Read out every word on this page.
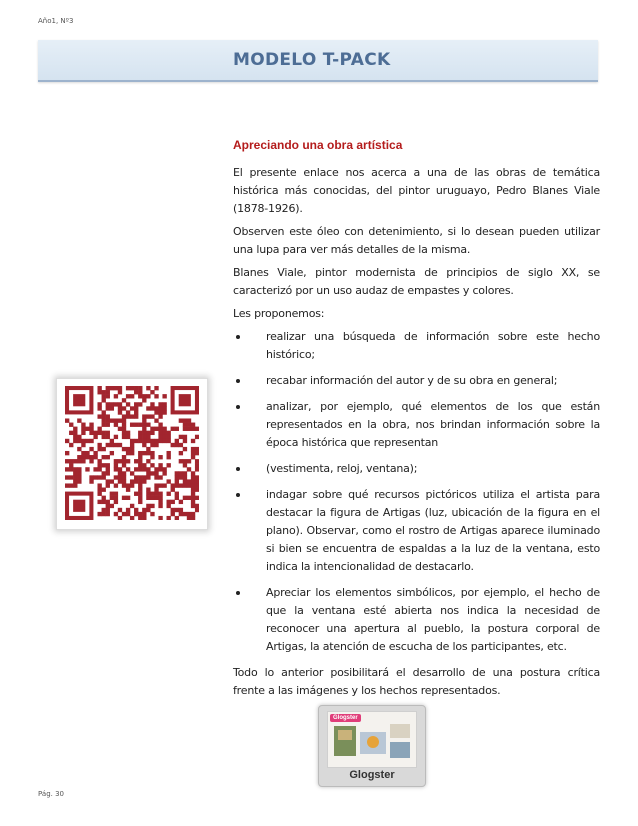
Año1, Nº3
MODELO T-PACK
Apreciando una obra artística

El presente enlace nos acerca a una de las obras de temática histórica más conocidas, del pintor uruguayo, Pedro Blanes Viale (1878-1926).

Observen este óleo con detenimiento, si lo desean pueden utilizar una lupa para ver más detalles de la misma.

Blanes Viale, pintor modernista de principios de siglo XX, se caracterizó por un uso audaz de empastes y colores.

Les proponemos:

realizar una búsqueda de información sobre este hecho histórico;
recabar información del autor y de su obra en general;
analizar, por ejemplo, qué elementos de los que están representados en la obra, nos brindan información sobre la época histórica que representan
(vestimenta, reloj, ventana);
indagar sobre qué recursos pictóricos utiliza el artista para destacar la figura de Artigas (luz, ubicación de la figura en el plano). Observar, como el rostro de Artigas aparece iluminado si bien se encuentra de espaldas a la luz de la ventana, esto indica la intencionalidad de destacarlo.
Apreciar los elementos simbólicos, por ejemplo, el hecho de que la ventana esté abierta nos indica la necesidad de reconocer una apertura al pueblo, la postura corporal de Artigas, la atención de escucha de los participantes, etc.

Todo lo anterior posibilitará el desarrollo de una postura crítica frente a las imágenes y los hechos representados.

Glogster
Glogster
Pág. 30
